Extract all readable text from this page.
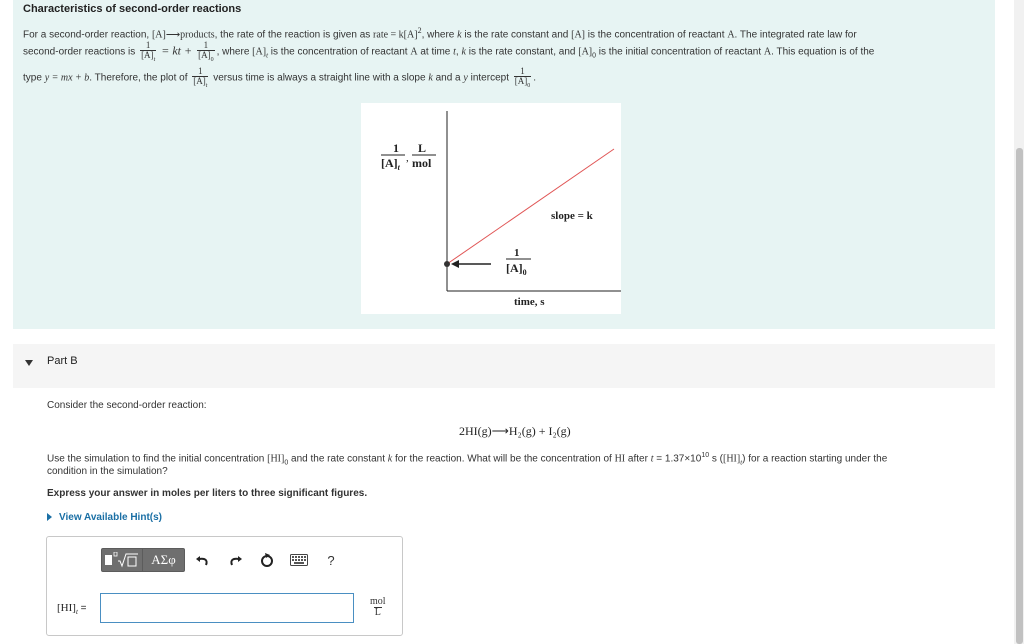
Characteristics of second-order reactions
For a second-order reaction, [A]⟶products, the rate of the reaction is given as rate = $k[A]^2$, where k is the rate constant and [A] is the concentration of reactant A. The integrated rate law for
second-order reactions is $\frac{1}{[A]_t}$ = kt + $\frac{1}{[A]_0}$ , where $[A]_t$ is the concentration of reactant A at time t, k is the rate constant, and $[A]_0$ is the initial concentration of reactant A. This equation is of the
type y = mx + b. Therefore, the plot of $\frac{1}{[A]_t}$ versus time is always a straight line with a slope k and a y intercept $\frac{1}{[A]_0}$ .
1
$[A]_t$
,
L
mol
slope = k
1
$[A]_0$
time, s
Part B
Consider the second-order reaction:
2HI(g)⟶H₂(g) + I₂(g)
Use the simulation to find the initial concentration $[HI]_0$ and the rate constant k for the reaction. What will be the concentration of HI after $t = 1.37\times 10^{10}$ s $([HI]_t)$ for a reaction starting under the
condition in the simulation?
Express your answer in moles per liters to three significant figures.
View Available Hint(s)
ΑΣφ	?
$[HI]_t$ =
mol
L
